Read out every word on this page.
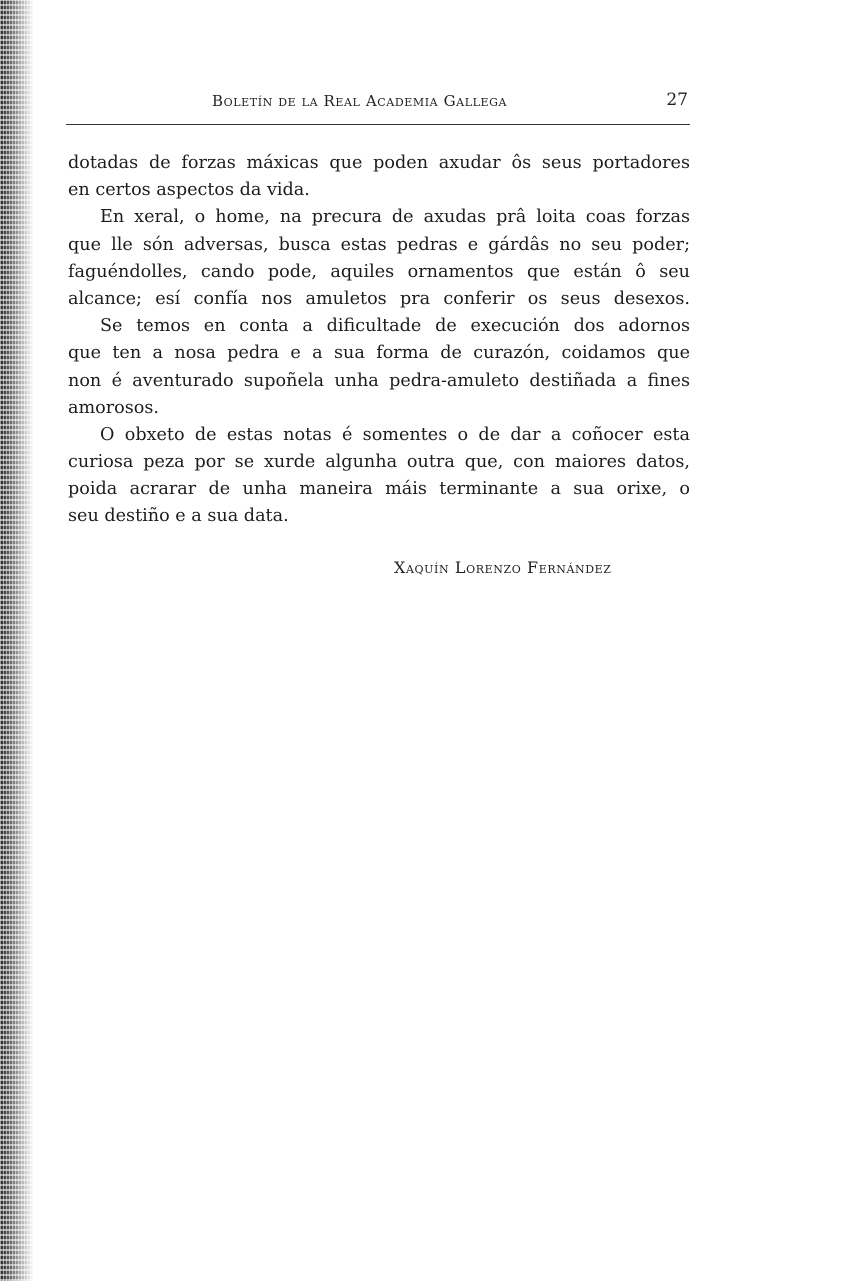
Boletín de la Real Academia Gallega	27
dotadas de forzas máxicas que poden axudar ôs seus portadores
en certos aspectos da vida.
En xeral, o home, na precura de axudas prâ loita coas forzas
que lle són adversas, busca estas pedras e gárdâs no seu poder;
faguéndolles, cando pode, aquiles ornamentos que están ô seu
alcance; esí confía nos amuletos pra conferir os seus desexos.
Se temos en conta a dificultade de execución dos adornos
que ten a nosa pedra e a sua forma de curazón, coidamos que
non é aventurado supoñela unha pedra-amuleto destiñada a fines
amorosos.
O obxeto de estas notas é somentes o de dar a coñocer esta
curiosa peza por se xurde algunha outra que, con maiores datos,
poida acrarar de unha maneira máis terminante a sua orixe, o
seu destiño e a sua data.
Xaquín Lorenzo Fernández
